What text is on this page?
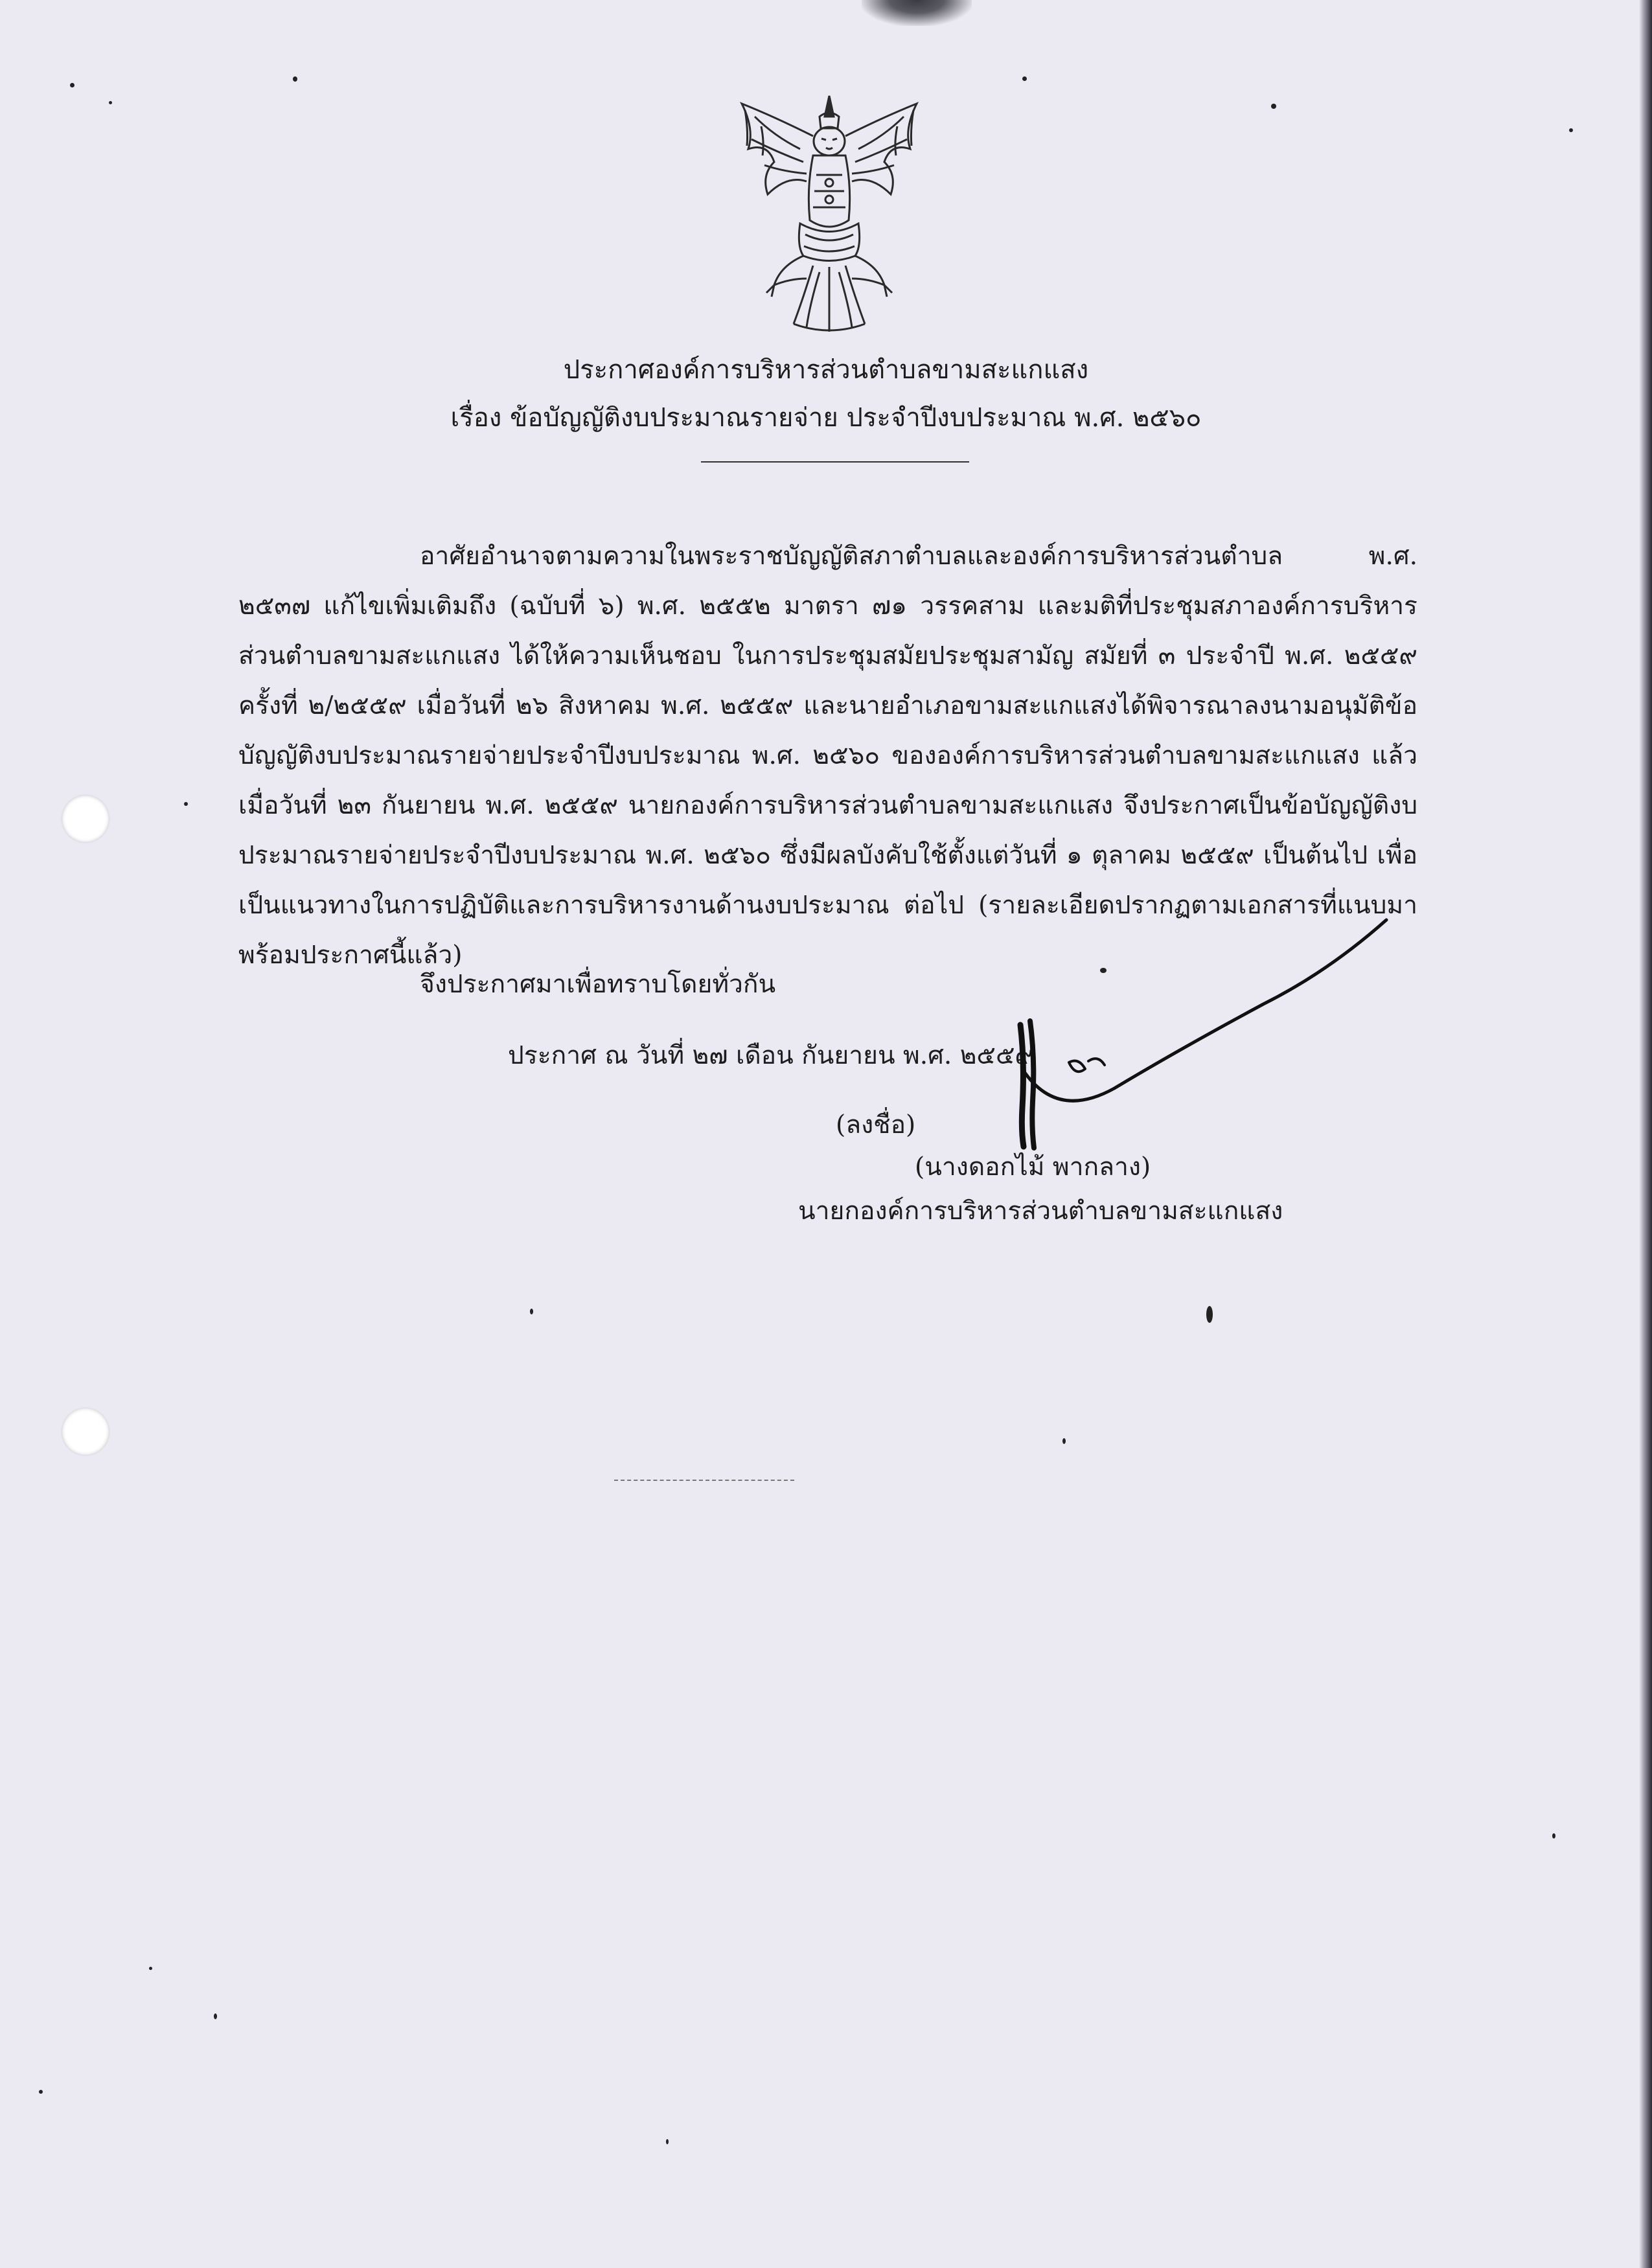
ประกาศองค์การบริหารส่วนตำบลขามสะแกแสง
เรื่อง ข้อบัญญัติงบประมาณรายจ่าย ประจำปีงบประมาณ พ.ศ. ๒๕๖๐
อาศัยอำนาจตามความในพระราชบัญญัติสภาตำบลและองค์การบริหารส่วนตำบล พ.ศ. ๒๕๓๗ แก้ไขเพิ่มเติมถึง (ฉบับที่ ๖) พ.ศ. ๒๕๕๒ มาตรา ๗๑ วรรคสาม และมติที่ประชุมสภาองค์การบริหารส่วนตำบลขามสะแกแสง ได้ให้ความเห็นชอบ ในการประชุมสมัยประชุมสามัญ สมัยที่ ๓ ประจำปี พ.ศ. ๒๕๕๙ ครั้งที่ ๒/๒๕๕๙ เมื่อวันที่ ๒๖ สิงหาคม พ.ศ. ๒๕๕๙ และนายอำเภอขามสะแกแสงได้พิจารณาลงนามอนุมัติข้อบัญญัติงบประมาณรายจ่ายประจำปีงบประมาณ พ.ศ. ๒๕๖๐ ขององค์การบริหารส่วนตำบลขามสะแกแสง แล้ว เมื่อวันที่ ๒๓ กันยายน พ.ศ. ๒๕๕๙ นายกองค์การบริหารส่วนตำบลขามสะแกแสง จึงประกาศเป็นข้อบัญญัติงบประมาณรายจ่ายประจำปีงบประมาณ พ.ศ. ๒๕๖๐ ซึ่งมีผลบังคับใช้ตั้งแต่วันที่ ๑ ตุลาคม ๒๕๕๙ เป็นต้นไป เพื่อเป็นแนวทางในการปฏิบัติและการบริหารงานด้านงบประมาณ ต่อไป (รายละเอียดปรากฏตามเอกสารที่แนบมาพร้อมประกาศนี้แล้ว)
จึงประกาศมาเพื่อทราบโดยทั่วกัน
ประกาศ ณ วันที่ ๒๗ เดือน กันยายน พ.ศ. ๒๕๕๙
(ลงชื่อ)
(นางดอกไม้ พากลาง)
นายกองค์การบริหารส่วนตำบลขามสะแกแสง
